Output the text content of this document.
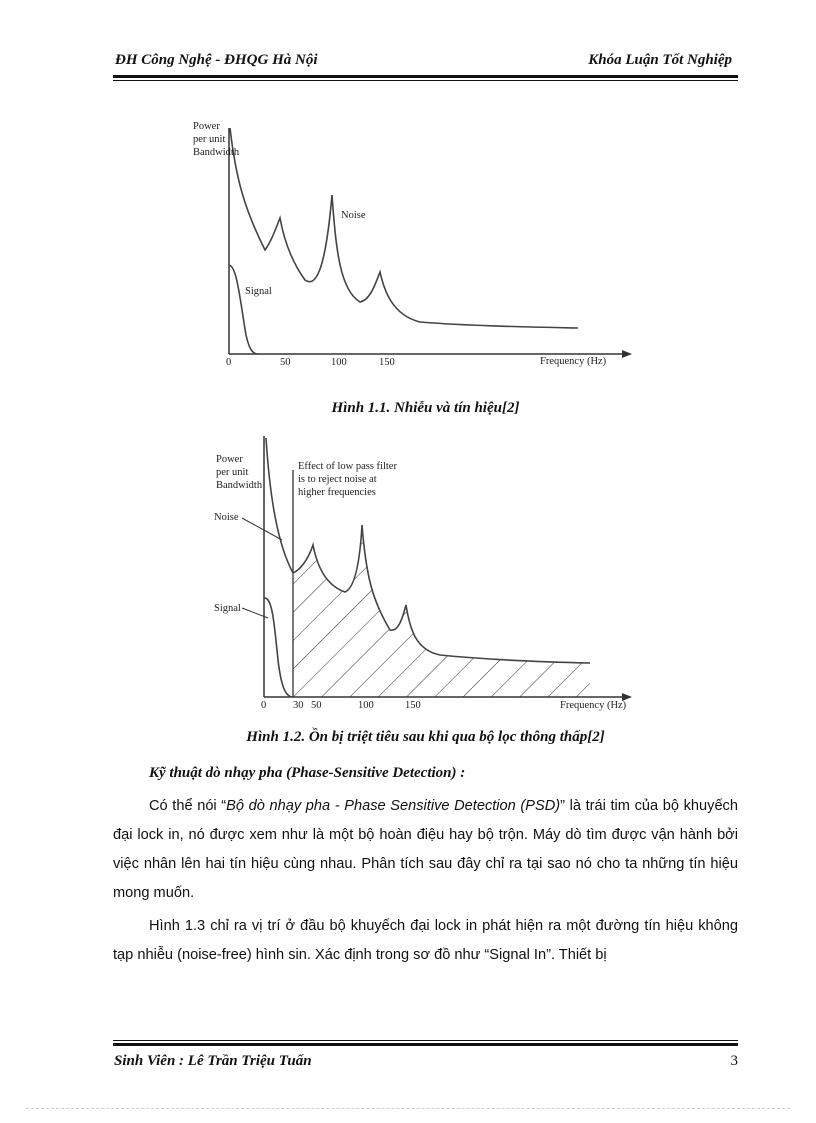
ĐH Công Nghệ - ĐHQG Hà Nội	Khóa Luận Tốt Nghiệp
Power
per unit
Bandwidth
Noise
Signal
0	50	100	150	Frequency (Hz)
Hình 1.1. Nhiễu và tín hiệu[2]
Power
per unit
Bandwidth
Effect of low pass filter
is to reject noise at
higher frequencies
Noise
Signal
0	30 50	100	150	Frequency (Hz)
Hình 1.2. Ồn bị triệt tiêu sau khi qua bộ lọc thông thấp[2]
Kỹ thuật dò nhạy pha (Phase-Sensitive Detection) :
Có thể nói “Bộ dò nhạy pha - Phase Sensitive Detection (PSD)” là trái tim của bộ khuyếch đại lock in, nó được xem như là một bộ hoàn điệu hay bộ trộn. Máy dò tìm được vận hành bởi việc nhân lên hai tín hiệu cùng nhau. Phân tích sau đây chỉ ra tại sao nó cho ta những tín hiệu mong muốn.
Hình 1.3 chỉ ra vị trí ở đầu bộ khuyếch đại lock in phát hiện ra một đường tín hiệu không tạp nhiễu (noise-free) hình sin. Xác định trong sơ đồ như “Signal In”. Thiết bị
Sinh Viên : Lê Trần Triệu Tuấn	3
